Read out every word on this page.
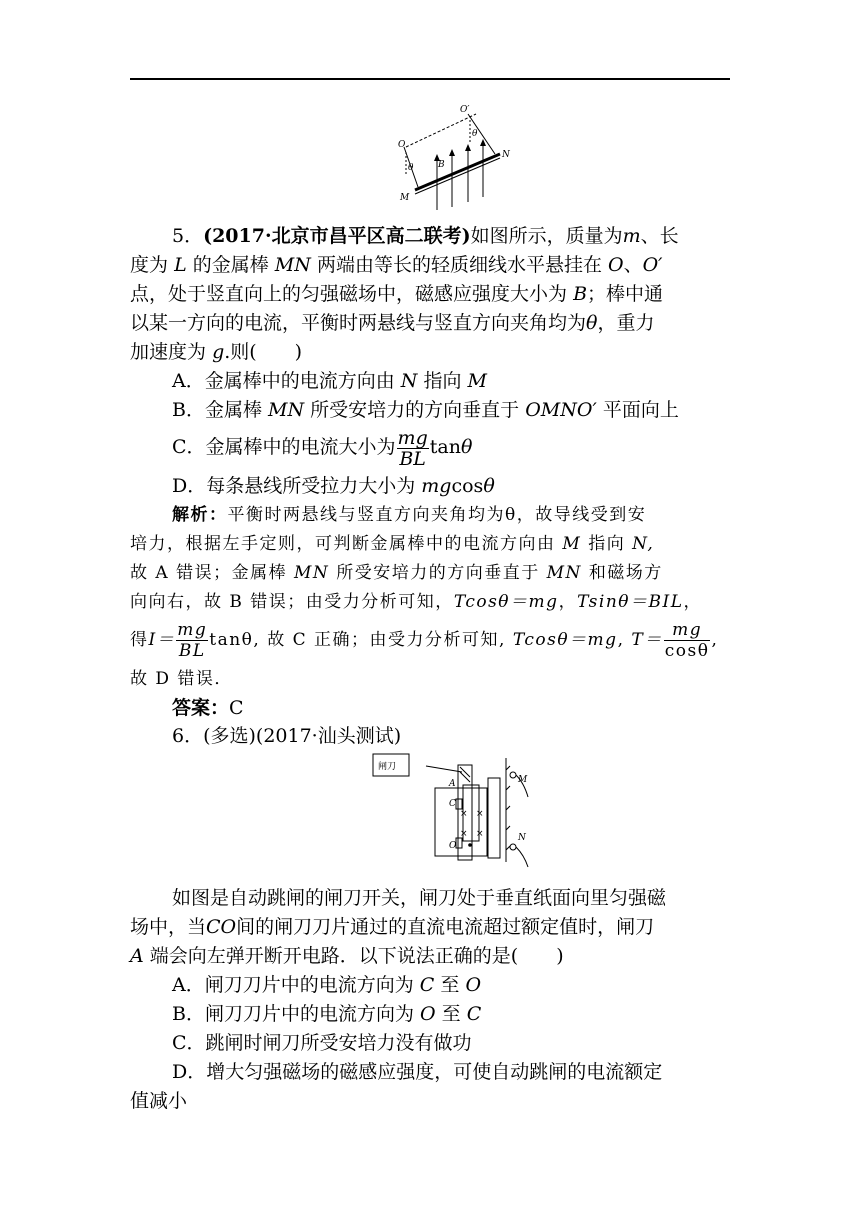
O
O′
θ
θ
B
M
N
5．(2017·北京市昌平区高二联考)如图所示，质量为m、长
度为 L 的金属棒 MN 两端由等长的轻质细线水平悬挂在 O、O′
点，处于竖直向上的匀强磁场中，磁感应强度大小为 B；棒中通
以某一方向的电流，平衡时两悬线与竖直方向夹角均为θ，重力
加速度为 g.则(　　)
A．金属棒中的电流方向由 N 指向 M
B．金属棒 MN 所受安培力的方向垂直于 OMNO′ 平面向上
C．金属棒中的电流大小为 $\frac{mg}{BL}$ tanθ
D．每条悬线所受拉力大小为 mgcosθ
解析：平衡时两悬线与竖直方向夹角均为θ，故导线受到安
培力，根据左手定则，可判断金属棒中的电流方向由 M 指向 N,
故 A 错误；金属棒 MN 所受安培力的方向垂直于 MN 和磁场方
向向右，故 B 错误；由受力分析可知，Tcosθ＝mg，Tsinθ＝BIL，
得$I= \frac{mg}{BL} \tan\theta$, 故 C 正确；由受力分析可知, Tcosθ＝mg, $T= \frac{mg}{\cos\theta}$ ,
故 D 错误．
答案：C
6．(多选)(2017·汕头测试)
闸刀
A
C
O
M
N
× ×
× ×
如图是自动跳闸的闸刀开关，闸刀处于垂直纸面向里匀强磁
场中，当CO间的闸刀刀片通过的直流电流超过额定值时，闸刀
A 端会向左弹开断开电路．以下说法正确的是(　　)
A．闸刀刀片中的电流方向为 C 至 O
B．闸刀刀片中的电流方向为 O 至 C
C．跳闸时闸刀所受安培力没有做功
D．增大匀强磁场的磁感应强度，可使自动跳闸的电流额定
值减小
